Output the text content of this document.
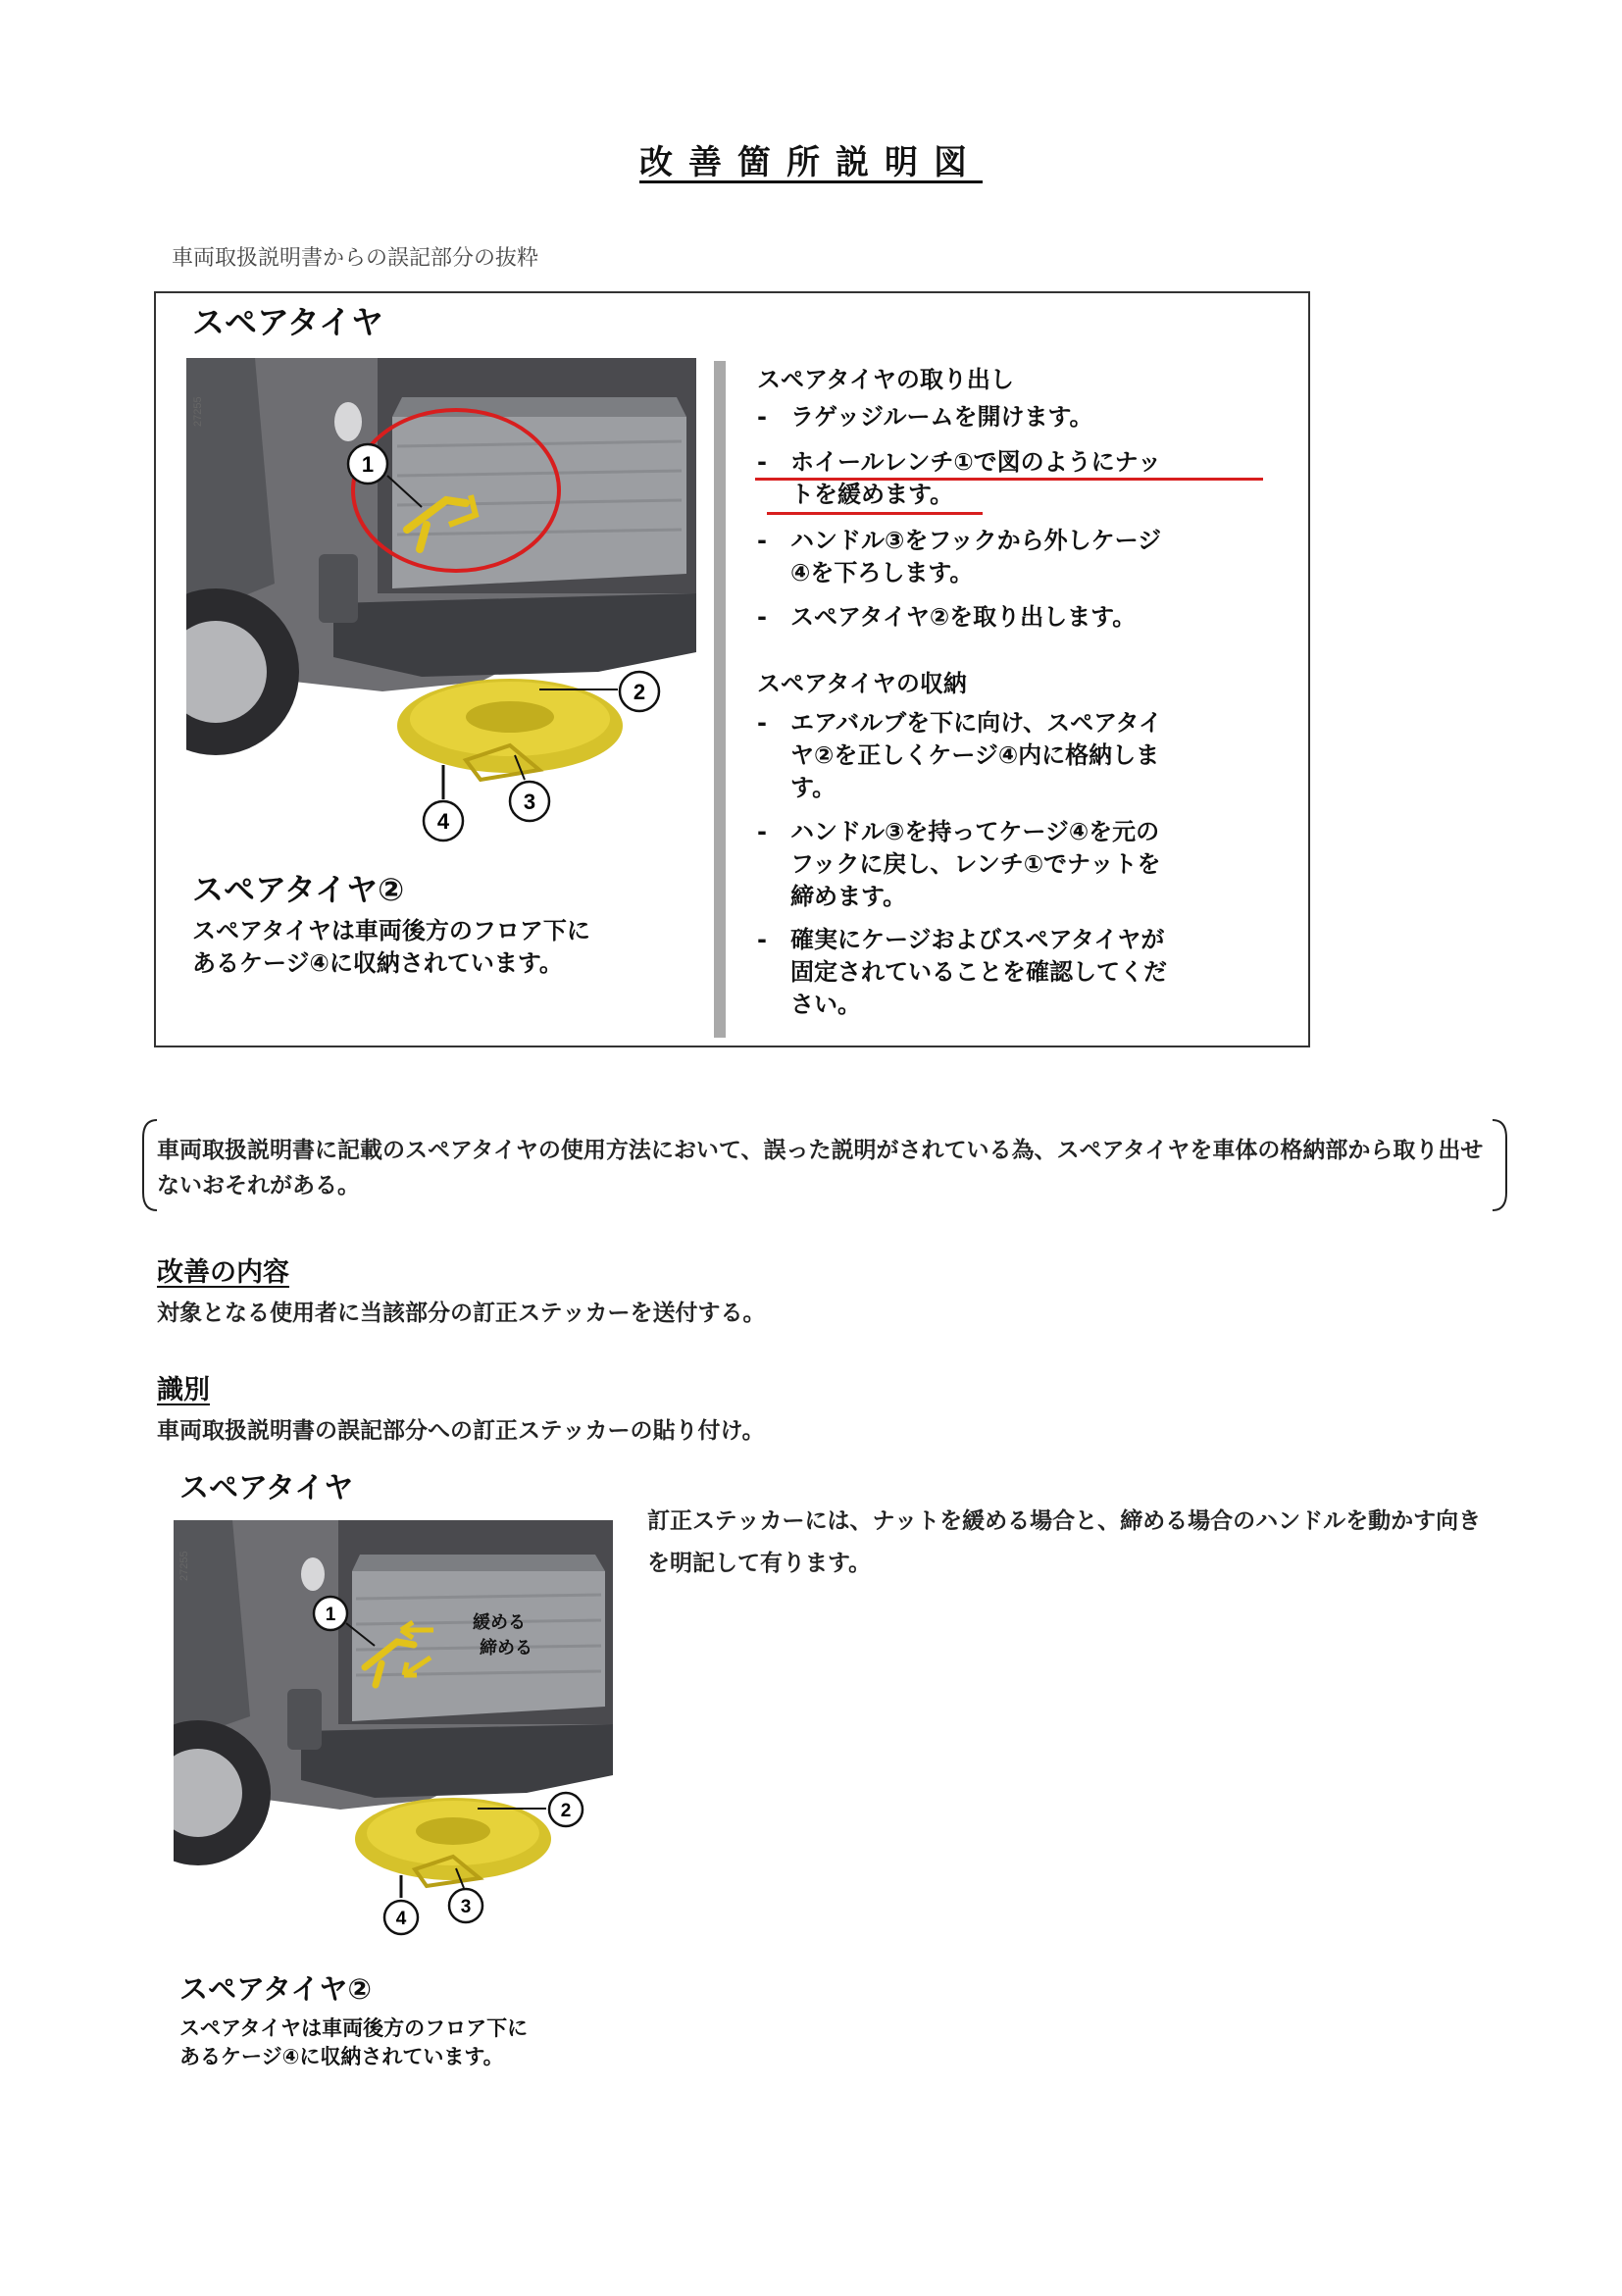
改善箇所説明図
車両取扱説明書からの誤記部分の抜粋
スペアタイヤ
1
2
3
4
27255
スペアタイヤ②
スペアタイヤは車両後方のフロア下に
あるケージ④に収納されています。
スペアタイヤの取り出し
- ラゲッジルームを開けます。
- ホイールレンチ①で図のようにナッ
トを緩めます。
- ハンドル③をフックから外しケージ
④を下ろします。
- スペアタイヤ②を取り出します。
スペアタイヤの収納
- エアバルブを下に向け、スペアタイ
ヤ②を正しくケージ④内に格納しま
す。
- ハンドル③を持ってケージ④を元の
フックに戻し、レンチ①でナットを
締めます。
- 確実にケージおよびスペアタイヤが
固定されていることを確認してくだ
さい。
車両取扱説明書に記載のスペアタイヤの使用方法において、誤った説明がされている為、スペアタイヤを車体の格納部から取り出せないおそれがある。
改善の内容
対象となる使用者に当該部分の訂正ステッカーを送付する。
識別
車両取扱説明書の誤記部分への訂正ステッカーの貼り付け。
スペアタイヤ
緩める
締める
1
2
3
4
27255
スペアタイヤ②
スペアタイヤは車両後方のフロア下に
あるケージ④に収納されています。
訂正ステッカーには、ナットを緩める場合と、締める場合のハンドルを動かす向きを明記して有ります。
